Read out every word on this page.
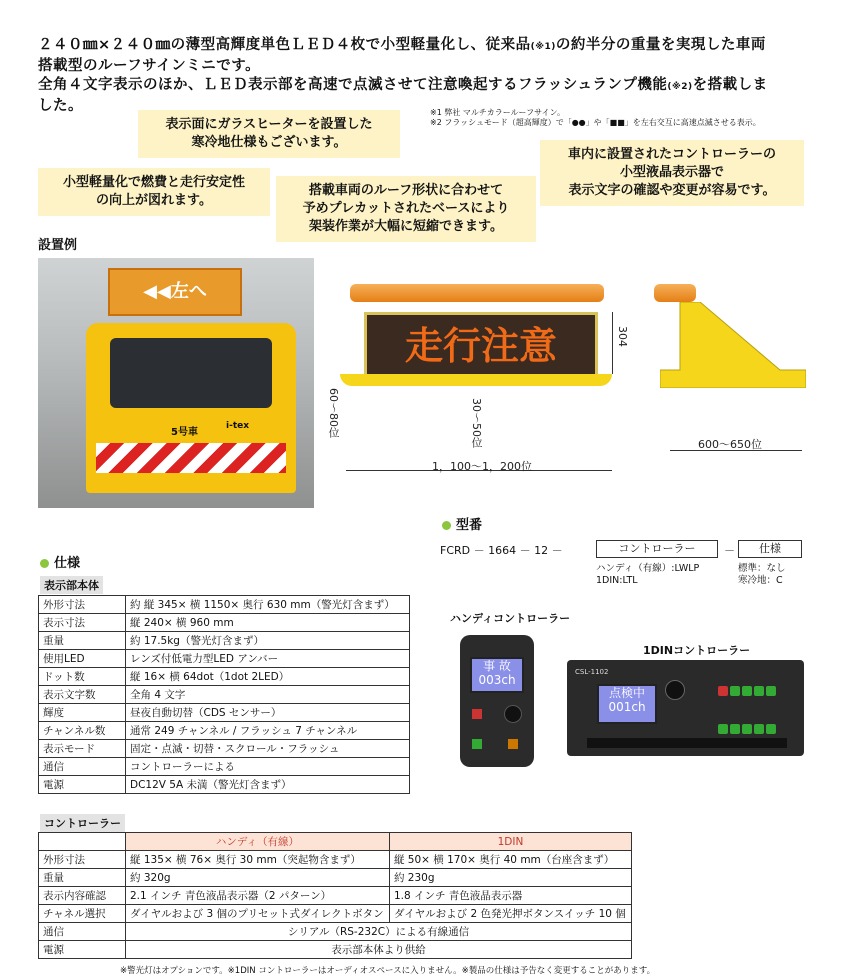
２４０㎜×２４０㎜の薄型高輝度単色ＬＥＤ４枚で小型軽量化し、従来品(※1)の約半分の重量を実現した車両
搭載型のルーフサインミニです。
全角４文字表示のほか、ＬＥＤ表示部を高速で点滅させて注意喚起するフラッシュランプ機能(※2)を搭載しま
した。	※1 弊社 マルチカラールーフサイン。
※2 フラッシュモード（超高輝度）で「●●」や「■■」を左右交互に高速点滅させる表示。
表示面にガラスヒーターを設置した
寒冷地仕様もございます。
小型軽量化で燃費と走行安定性
の向上が図れます。
搭載車両のルーフ形状に合わせて
予めプレカットされたベースにより
架装作業が大幅に短縮できます。
車内に設置されたコントローラーの
小型液晶表示器で
表示文字の確認や変更が容易です。
設置例
5号車
i-tex
◀◀左へ
走行注意	304
60～80位	30～50位
1，100～1，200位
600～650位
型番
FCRD － 1664 － 12 －	コントローラー	－	仕様
ハンディ（有線）:LWLP
1DIN:LTL
標準：なし
寒冷地：C
仕様
表示部本体
外形寸法	約 縦 345× 横 1150× 奥行 630 mm（警光灯含まず）
表示寸法	縦 240× 横 960 mm
重量	約 17.5kg（警光灯含まず）
使用LED	レンズ付低電力型LED アンバー
ドット数	縦 16× 横 64dot（1dot 2LED）
表示文字数	全角 4 文字
輝度	昼夜自動切替（CDS センサー）
チャンネル数	通常 249 チャンネル / フラッシュ 7 チャンネル
表示モード	固定・点滅・切替・スクロール・フラッシュ
通信	コントローラーによる
電源	DC12V 5A 未満（警光灯含まず）
ハンディコントローラー
事 故
003ch
1DINコントローラー
CSL-1102
点検中
001ch

コントローラー
	ハンディ（有線）	1DIN
外形寸法	縦 135× 横 76× 奥行 30 mm（突起物含まず）	縦 50× 横 170× 奥行 40 mm（台座含まず）
重量	約 320g	約 230g
表示内容確認	2.1 インチ 青色液晶表示器（2 パターン）	1.8 インチ 青色液晶表示器
チャネル選択	ダイヤルおよび 3 個のプリセット式ダイレクトボタン	ダイヤルおよび 2 色発光押ボタンスイッチ 10 個
通信	シリアル（RS-232C）による有線通信	
電源	表示部本体より供給	
※警光灯はオプションです。※1DIN コントローラーはオーディオスペースに入りません。※製品の仕様は予告なく変更することがあります。
